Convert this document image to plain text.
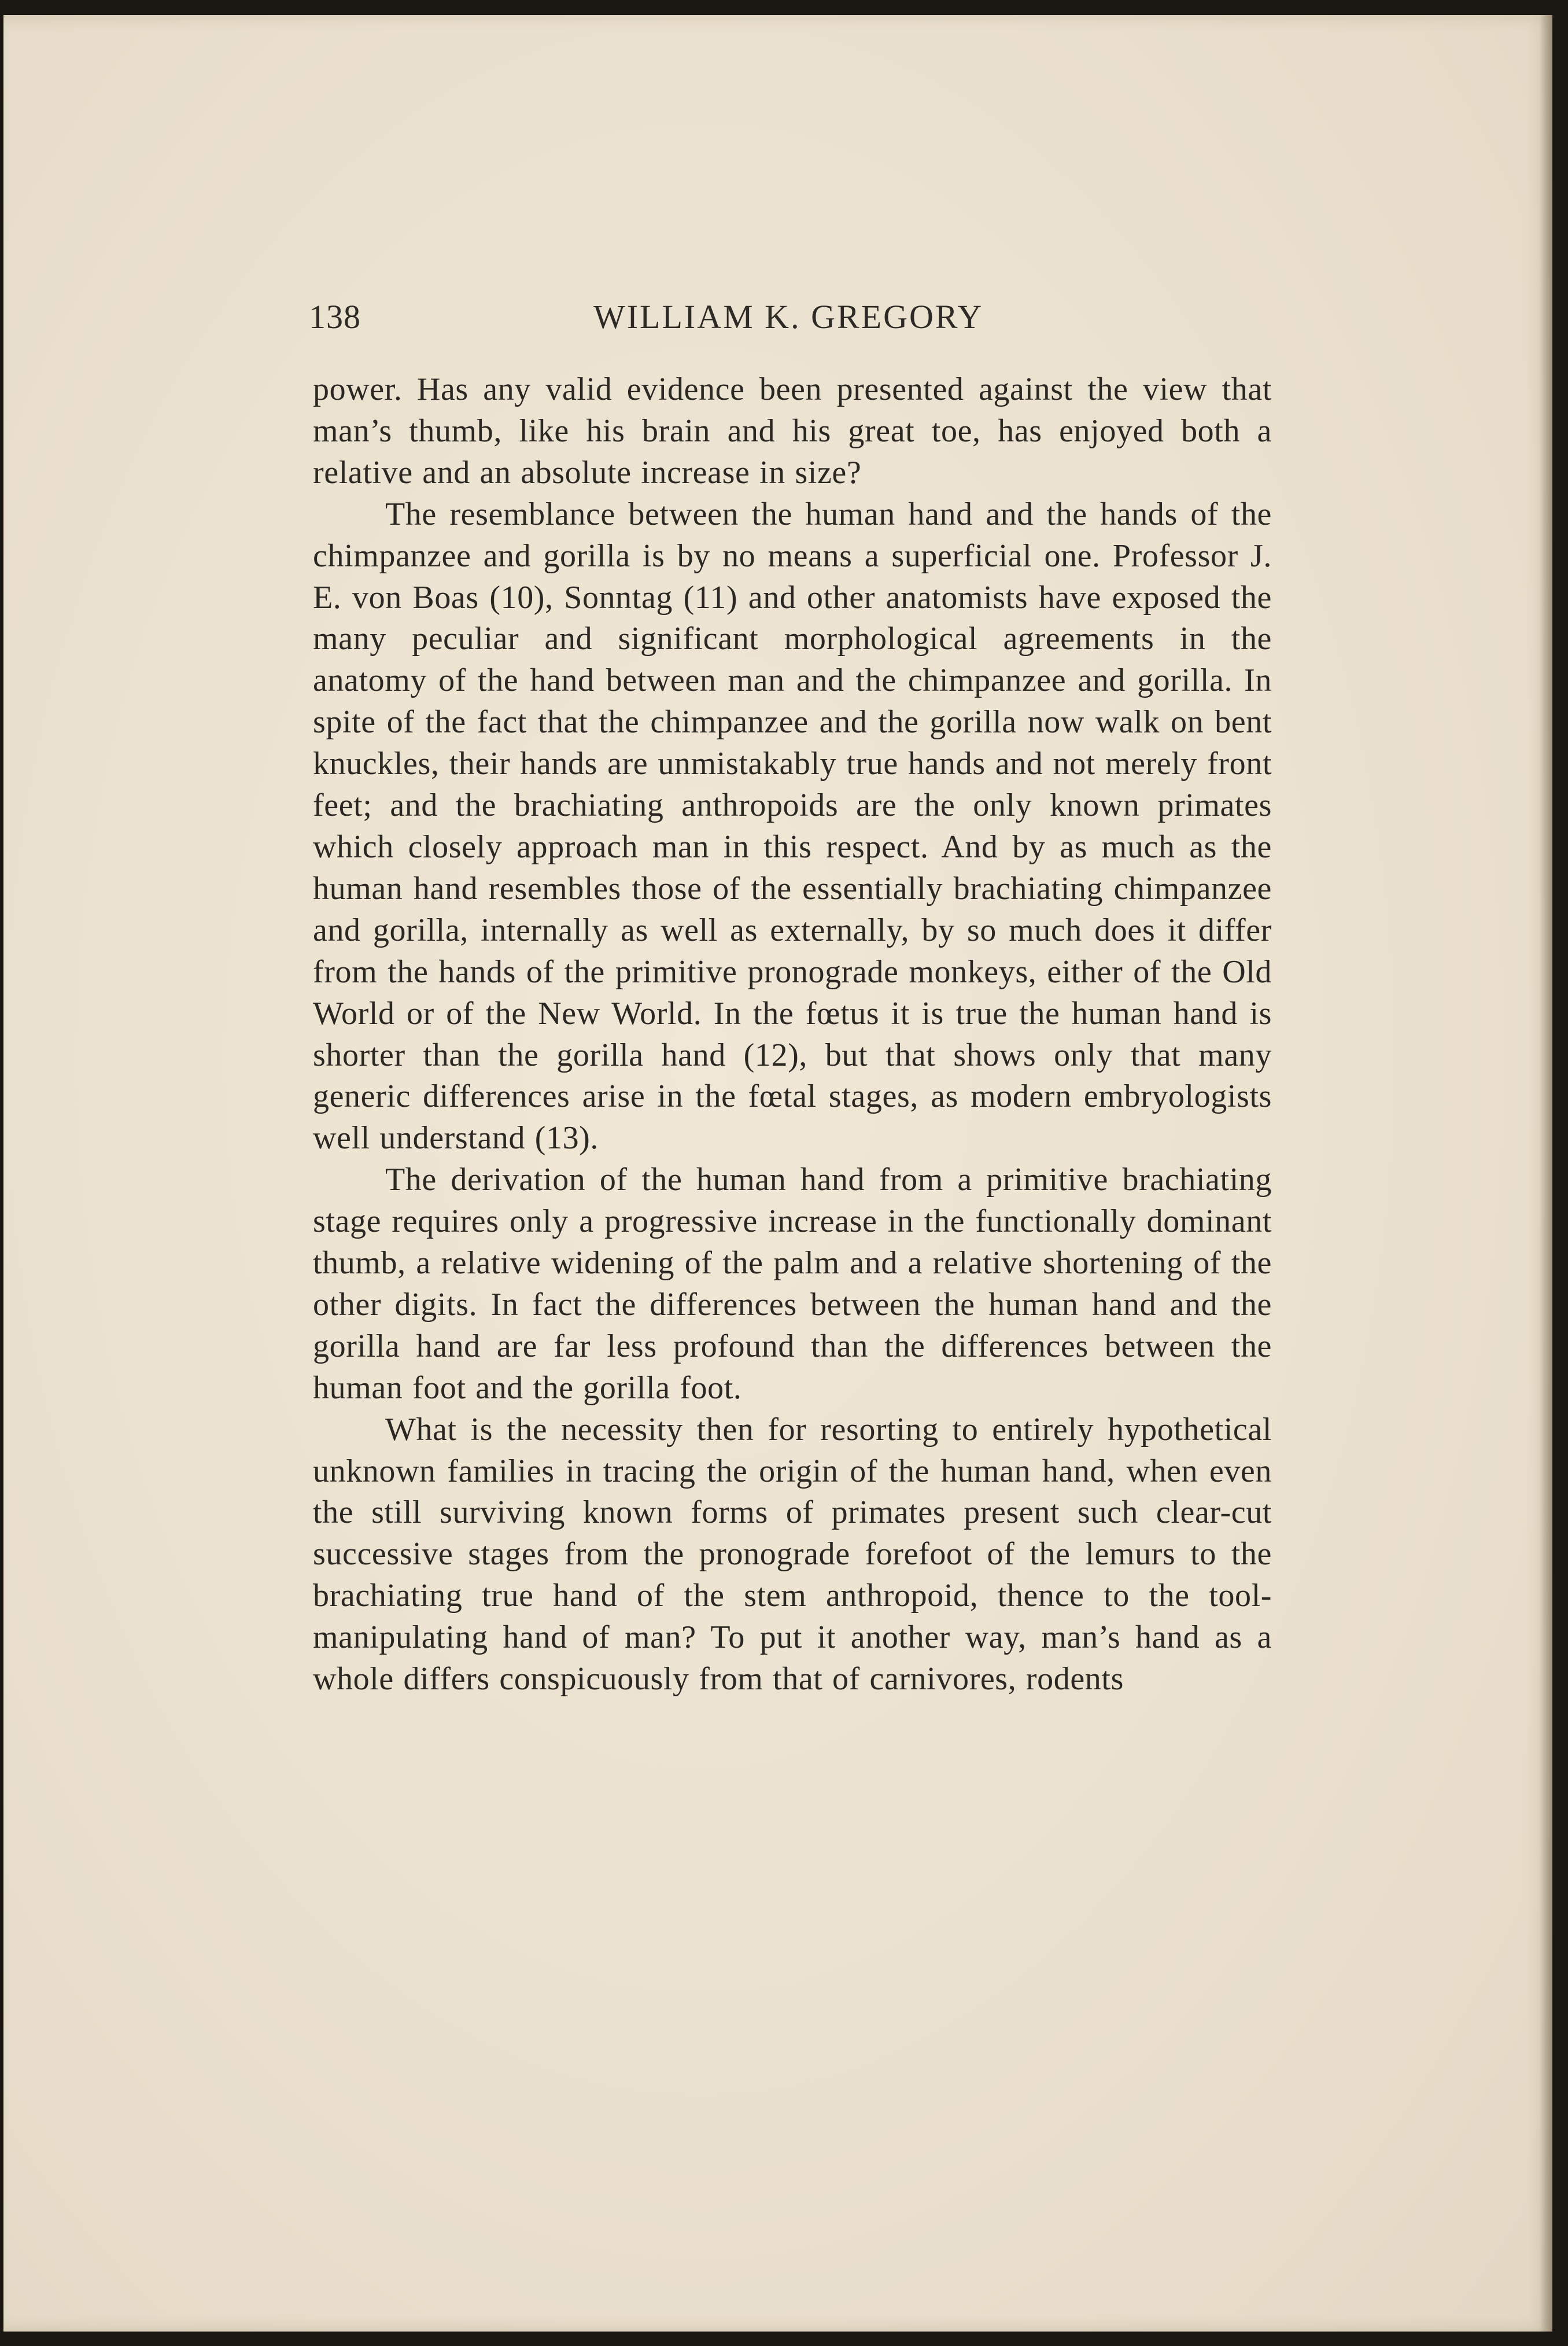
138	WILLIAM K. GREGORY

power. Has any valid evidence been presented against the view that man’s thumb, like his brain and his great toe, has enjoyed both a relative and an absolute increase in size?

The resemblance between the human hand and the hands of the chimpanzee and gorilla is by no means a superficial one. Professor J. E. von Boas (10), Sonntag (11) and other anatomists have exposed the many peculiar and significant morphological agreements in the anatomy of the hand between man and the chimpanzee and gorilla. In spite of the fact that the chimpanzee and the gorilla now walk on bent knuckles, their hands are unmistakably true hands and not merely front feet; and the brachiating anthropoids are the only known primates which closely approach man in this respect. And by as much as the human hand resembles those of the essentially brachiating chimpanzee and gorilla, internally as well as externally, by so much does it differ from the hands of the primitive pronograde monkeys, either of the Old World or of the New World. In the fœtus it is true the human hand is shorter than the gorilla hand (12), but that shows only that many generic differences arise in the fœtal stages, as modern embryologists well understand (13).

The derivation of the human hand from a primitive brachiating stage requires only a progressive increase in the functionally dominant thumb, a relative widening of the palm and a relative shortening of the other digits. In fact the differences between the human hand and the gorilla hand are far less profound than the differences between the human foot and the gorilla foot.

What is the necessity then for resorting to entirely hypothetical unknown families in tracing the origin of the human hand, when even the still surviving known forms of primates present such clear-cut successive stages from the pronograde forefoot of the lemurs to the brachiating true hand of the stem anthropoid, thence to the tool-manipulating hand of man? To put it another way, man’s hand as a whole differs conspicuously from that of carnivores, rodents
